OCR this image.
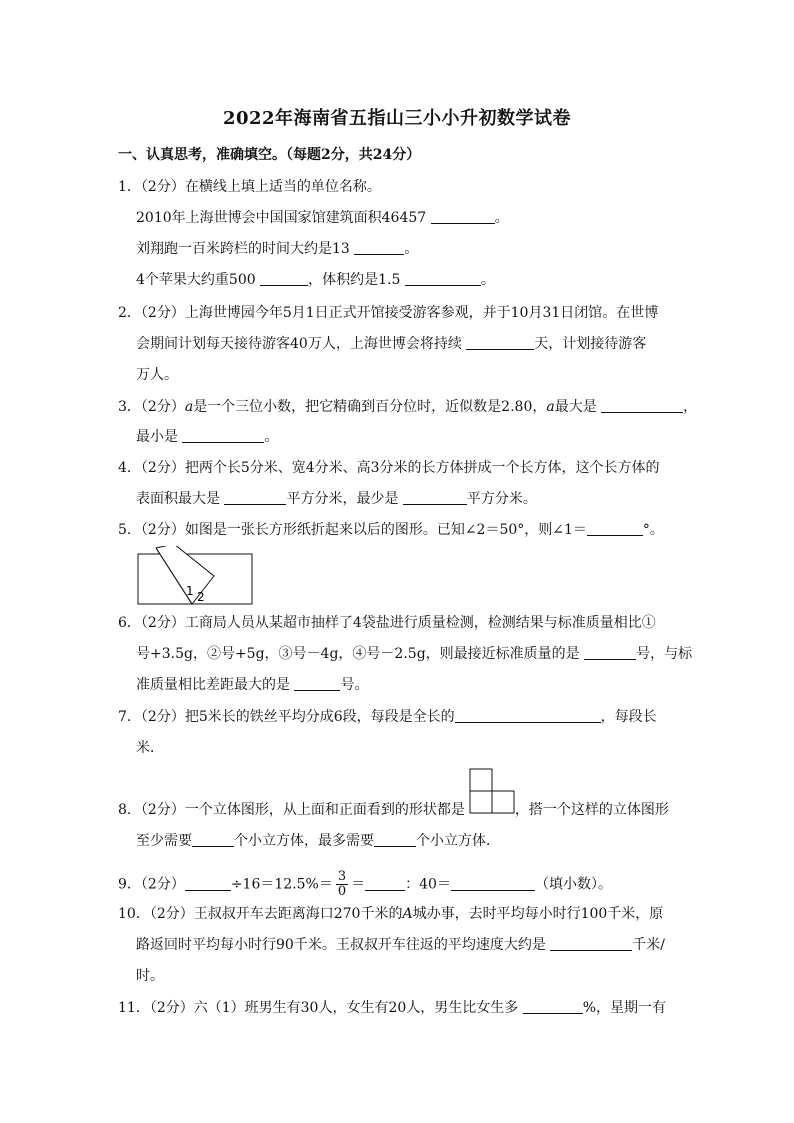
2022年海南省五指山三小小升初数学试卷
一、认真思考，准确填空。（每题2分，共24分）
1．（2分）在横线上填上适当的单位名称。
2010年上海世博会中国国家馆建筑面积46457	。
刘翔跑一百米跨栏的时间大约是13	。
4个苹果大约重500	，体积约是1.5	。
2．（2分）上海世博园今年5月1日正式开馆接受游客参观，并于10月31日闭馆。在世博
会期间计划每天接待游客40万人，上海世博会将持续	天，计划接待游客
万人。
3．（2分）a是一个三位小数，把它精确到百分位时，近似数是2.80，a最大是	，
最小是	。
4．（2分）把两个长5分米、宽4分米、高3分米的长方体拼成一个长方体，这个长方体的
表面积最大是	平方分米，最少是	平方分米。
5．（2分）如图是一张长方形纸折起来以后的图形。已知∠2＝50°，则∠1＝	°。
1 2
6．（2分）工商局人员从某超市抽样了4袋盐进行质量检测，检测结果与标准质量相比①
号+3.5g，②号+5g，③号－4g，④号－2.5g，则最接近标准质量的是	号，与标
准质量相比差距最大的是	号。
7．（2分）把5米长的铁丝平均分成6段，每段是全长的	，每段长
米．
8．（2分）一个立体图形，从上面和正面看到的形状都是	，搭一个这样的立体图形
至少需要	个小立方体，最多需要	个小立方体．
9．（2分）	$\div 16=12.5\%= \frac{3}{0}$ ＝	：40＝	（填小数）。
10．（2分）王叔叔开车去距离海口270千米的A城办事，去时平均每小时行100千米，原
路返回时平均每小时行90千米。王叔叔开车往返的平均速度大约是	千米/
时。
11．（2分）六（1）班男生有30人，女生有20人，男生比女生多	%，星期一有
